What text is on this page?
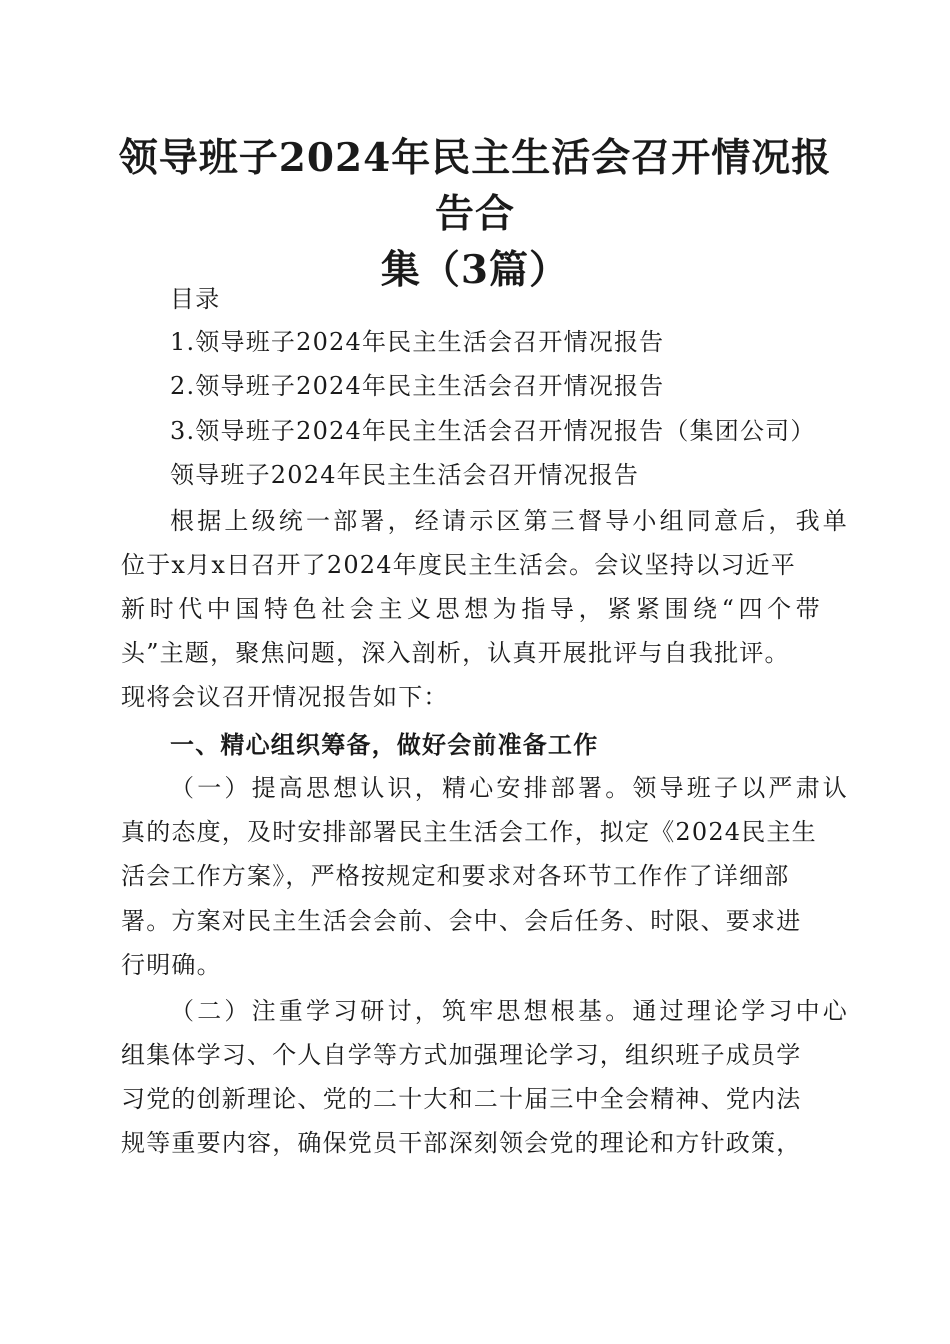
领导班子2024年民主生活会召开情况报告合
集（3篇）
目录
1.领导班子2024年民主生活会召开情况报告
2.领导班子2024年民主生活会召开情况报告
3.领导班子2024年民主生活会召开情况报告（集团公司）
领导班子2024年民主生活会召开情况报告
根据上级统一部署，经请示区第三督导小组同意后，我单
位于x月x日召开了2024年度民主生活会。会议坚持以习近平
新时代中国特色社会主义思想为指导，紧紧围绕“四个带
头”主题，聚焦问题，深入剖析，认真开展批评与自我批评。
现将会议召开情况报告如下：
一、精心组织筹备，做好会前准备工作
（一）提高思想认识，精心安排部署。领导班子以严肃认
真的态度，及时安排部署民主生活会工作，拟定《2024民主生
活会工作方案》，严格按规定和要求对各环节工作作了详细部
署。方案对民主生活会会前、会中、会后任务、时限、要求进
行明确。
（二）注重学习研讨，筑牢思想根基。通过理论学习中心
组集体学习、个人自学等方式加强理论学习，组织班子成员学
习党的创新理论、党的二十大和二十届三中全会精神、党内法
规等重要内容，确保党员干部深刻领会党的理论和方针政策，
